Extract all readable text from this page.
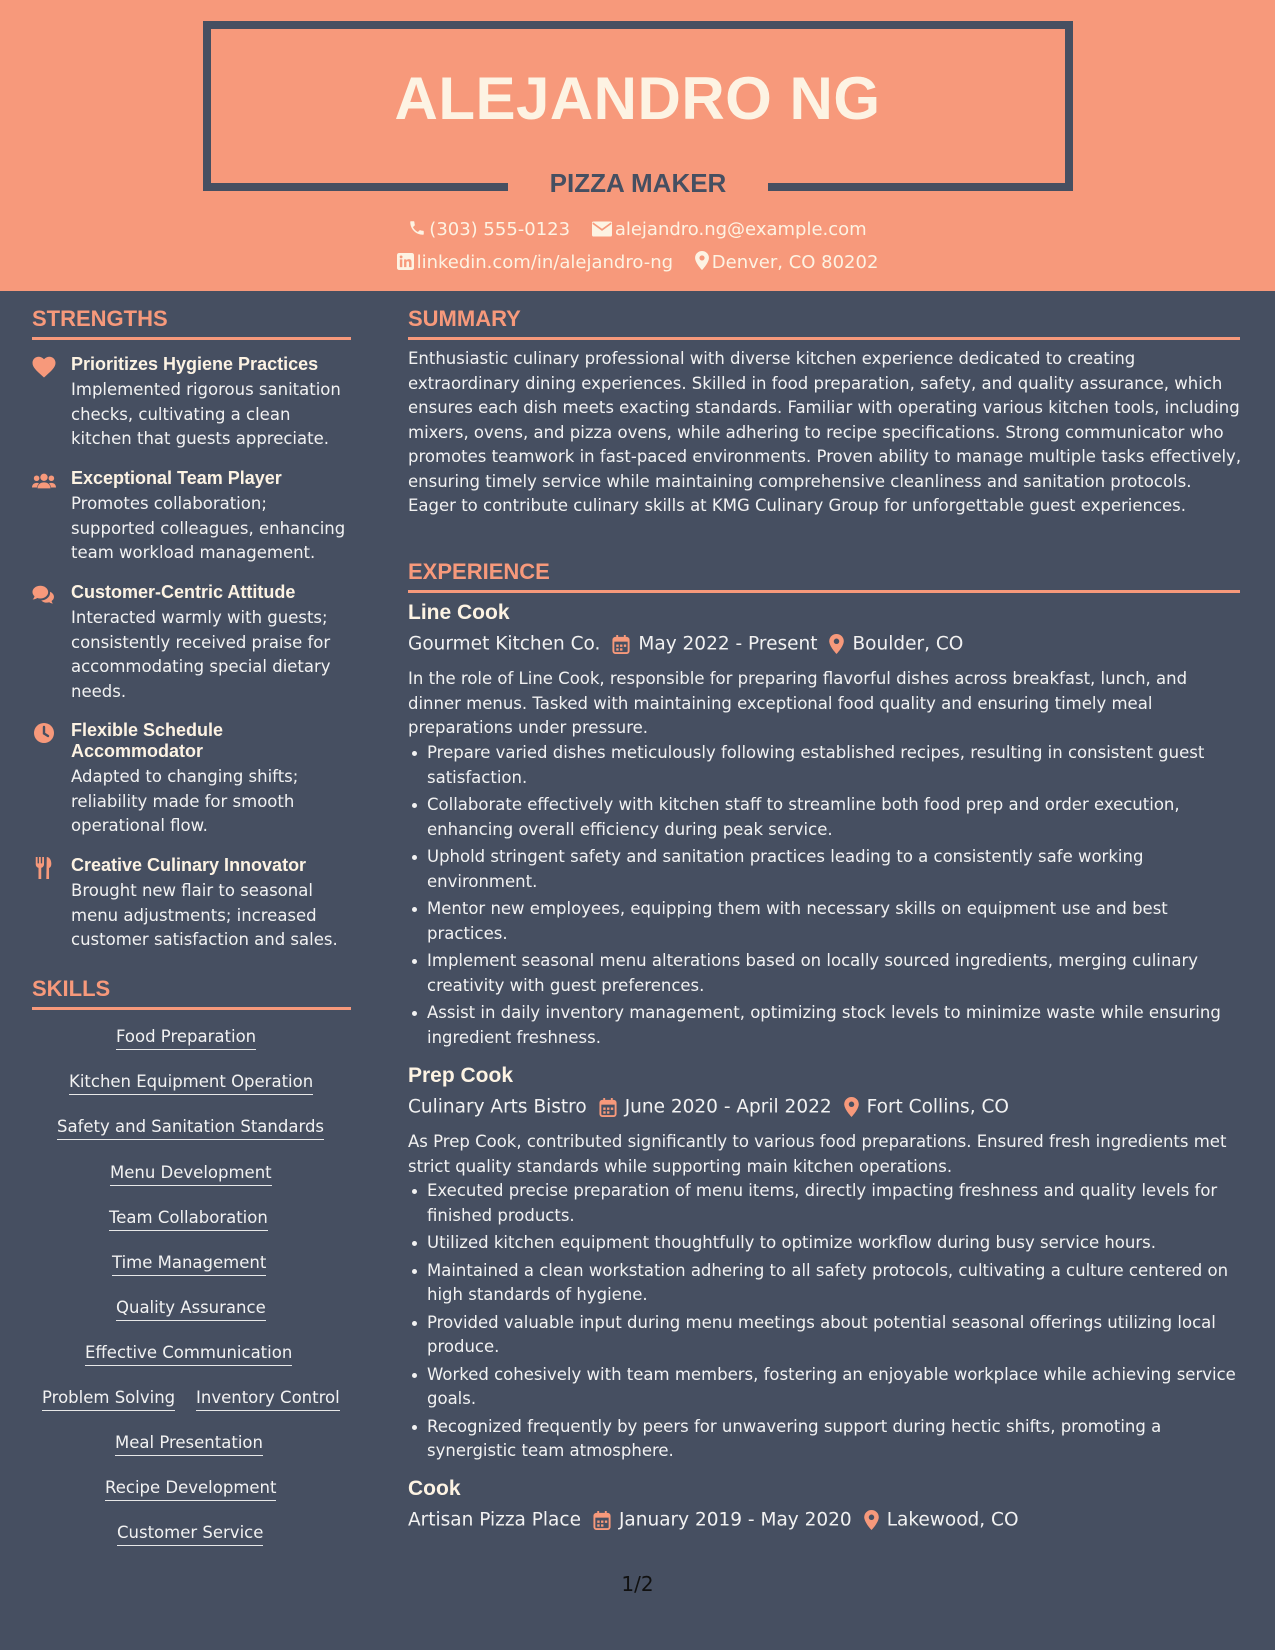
ALEJANDRO NG
PIZZA MAKER
(303) 555-0123 alejandro.ng@example.com
linkedin.com/in/alejandro-ng Denver, CO 80202
STRENGTHS
Prioritizes Hygiene Practices
Implemented rigorous sanitation checks, cultivating a clean kitchen that guests appreciate.
Exceptional Team Player
Promotes collaboration; supported colleagues, enhancing team workload management.
Customer-Centric Attitude
Interacted warmly with guests; consistently received praise for accommodating special dietary needs.
Flexible Schedule Accommodator
Adapted to changing shifts; reliability made for smooth operational flow.
Creative Culinary Innovator
Brought new flair to seasonal menu adjustments; increased customer satisfaction and sales.
SKILLS
Food Preparation
Kitchen Equipment Operation
Safety and Sanitation Standards
Menu Development
Team Collaboration
Time Management
Quality Assurance
Effective Communication
Problem Solving Inventory Control
Meal Presentation
Recipe Development
Customer Service
SUMMARY
Enthusiastic culinary professional with diverse kitchen experience dedicated to creating extraordinary dining experiences. Skilled in food preparation, safety, and quality assurance, which ensures each dish meets exacting standards. Familiar with operating various kitchen tools, including mixers, ovens, and pizza ovens, while adhering to recipe specifications. Strong communicator who promotes teamwork in fast-paced environments. Proven ability to manage multiple tasks effectively, ensuring timely service while maintaining comprehensive cleanliness and sanitation protocols. Eager to contribute culinary skills at KMG Culinary Group for unforgettable guest experiences.
EXPERIENCE
Line Cook
Gourmet Kitchen Co. May 2022 - Present Boulder, CO
In the role of Line Cook, responsible for preparing flavorful dishes across breakfast, lunch, and dinner menus. Tasked with maintaining exceptional food quality and ensuring timely meal preparations under pressure.
Prepare varied dishes meticulously following established recipes, resulting in consistent guest satisfaction.
Collaborate effectively with kitchen staff to streamline both food prep and order execution, enhancing overall efficiency during peak service.
Uphold stringent safety and sanitation practices leading to a consistently safe working environment.
Mentor new employees, equipping them with necessary skills on equipment use and best practices.
Implement seasonal menu alterations based on locally sourced ingredients, merging culinary creativity with guest preferences.
Assist in daily inventory management, optimizing stock levels to minimize waste while ensuring ingredient freshness.
Prep Cook
Culinary Arts Bistro June 2020 - April 2022 Fort Collins, CO
As Prep Cook, contributed significantly to various food preparations. Ensured fresh ingredients met strict quality standards while supporting main kitchen operations.
Executed precise preparation of menu items, directly impacting freshness and quality levels for finished products.
Utilized kitchen equipment thoughtfully to optimize workflow during busy service hours.
Maintained a clean workstation adhering to all safety protocols, cultivating a culture centered on high standards of hygiene.
Provided valuable input during menu meetings about potential seasonal offerings utilizing local produce.
Worked cohesively with team members, fostering an enjoyable workplace while achieving service goals.
Recognized frequently by peers for unwavering support during hectic shifts, promoting a synergistic team atmosphere.
Cook
Artisan Pizza Place January 2019 - May 2020 Lakewood, CO
1/2
